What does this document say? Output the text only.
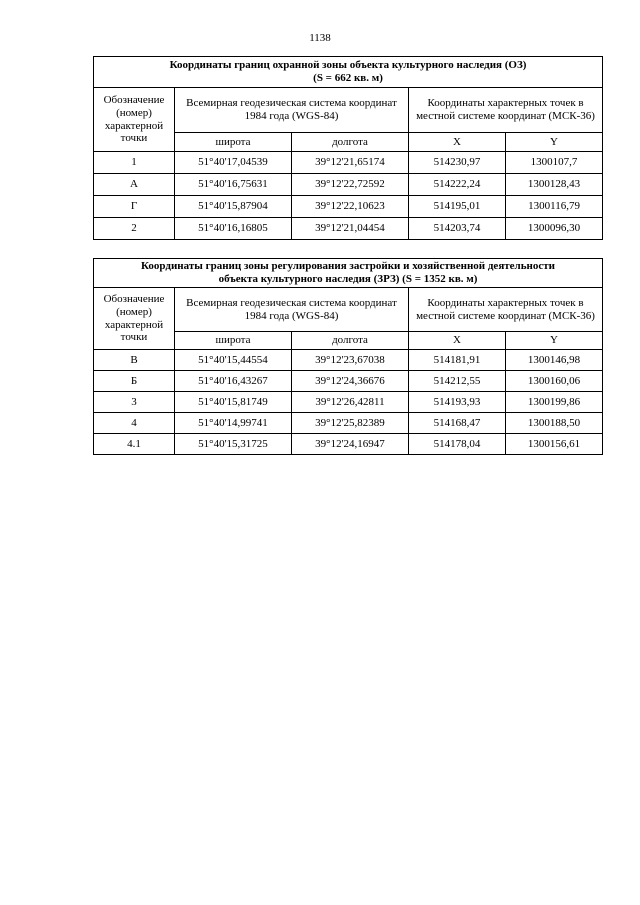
1138
Координаты границ охранной зоны объекта культурного наследия (ОЗ)
(S = 662 кв. м)				
Обозначение (номер) характерной точки	Всемирная геодезическая система координат 1984 года (WGS-84)		Координаты характерных точек в местной системе координат (МСК-36)	
	широта	долгота	X	Y
1	51°40'17,04539	39°12'21,65174	514230,97	1300107,7
А	51°40'16,75631	39°12'22,72592	514222,24	1300128,43
Г	51°40'15,87904	39°12'22,10623	514195,01	1300116,79
2	51°40'16,16805	39°12'21,04454	514203,74	1300096,30
Координаты границ зоны регулирования застройки и хозяйственной деятельности
объекта культурного наследия (ЗРЗ) (S = 1352 кв. м)				
Обозначение (номер) характерной точки	Всемирная геодезическая система координат 1984 года (WGS-84)		Координаты характерных точек в местной системе координат (МСК-36)	
	широта	долгота	X	Y
В	51°40'15,44554	39°12'23,67038	514181,91	1300146,98
Б	51°40'16,43267	39°12'24,36676	514212,55	1300160,06
3	51°40'15,81749	39°12'26,42811	514193,93	1300199,86
4	51°40'14,99741	39°12'25,82389	514168,47	1300188,50
4.1	51°40'15,31725	39°12'24,16947	514178,04	1300156,61
